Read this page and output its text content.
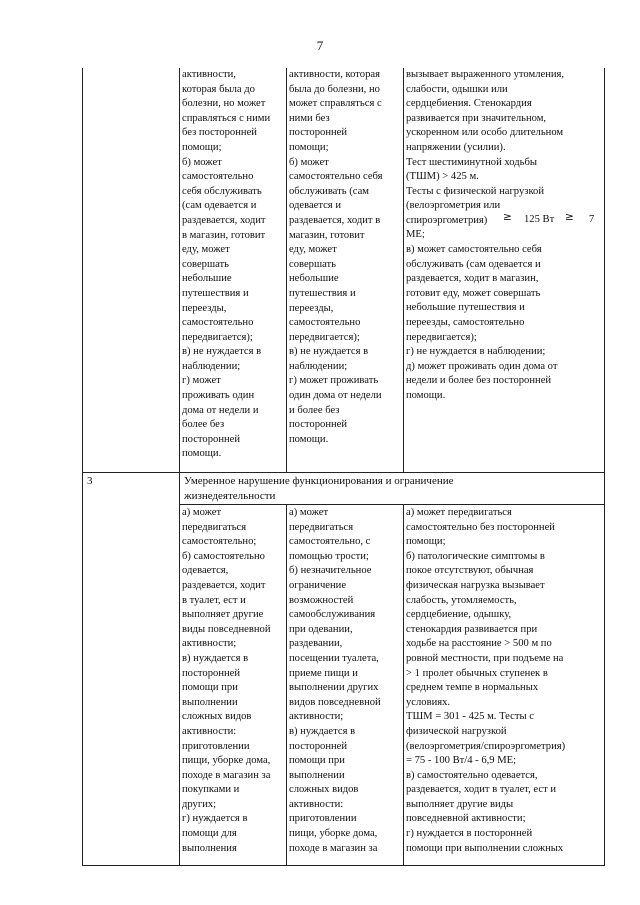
7
активности,
которая была до
болезни, но может
справляться с ними
без посторонней
помощи;
б) может
самостоятельно
себя обслуживать
(сам одевается и
раздевается, ходит
в магазин, готовит
еду, может
совершать
небольшие
путешествия и
переезды,
самостоятельно
передвигается);
в) не нуждается в
наблюдении;
г) может
проживать один
дома от недели и
более без
посторонней
помощи.
активности, которая
была до болезни, но
может справляться с
ними без
посторонней
помощи;
б) может
самостоятельно себя
обслуживать (сам
одевается и
раздевается, ходит в
магазин, готовит
еду, может
совершать
небольшие
путешествия и
переезды,
самостоятельно
передвигается);
в) не нуждается в
наблюдении;
г) может проживать
один дома от недели
и более без
посторонней
помощи.
вызывает выраженного утомления,
слабости, одышки или
сердцебиения. Стенокардия
развивается при значительном,
ускоренном или особо длительном
напряжении (усилии).
Тест шестиминутной ходьбы
(ТШМ) > 425 м.
Тесты с физической нагрузкой
(велоэргометрия или
спироэргометрия)	≥ 125 Вт ≥ 7
МЕ;
в) может самостоятельно себя
обслуживать (сам одевается и
раздевается, ходит в магазин,
готовит еду, может совершать
небольшие путешествия и
переезды, самостоятельно
передвигается);
г) не нуждается в наблюдении;
д) может проживать один дома от
недели и более без посторонней
помощи.
3	Умеренное нарушение функционирования и ограничение
жизнедеятельности
а) может
передвигаться
самостоятельно;
б) самостоятельно
одевается,
раздевается, ходит
в туалет, ест и
выполняет другие
виды повседневной
активности;
в) нуждается в
посторонней
помощи при
выполнении
сложных видов
активности:
приготовлении
пищи, уборке дома,
походе в магазин за
покупками и
других;
г) нуждается в
помощи для
выполнения
а) может
передвигаться
самостоятельно, с
помощью трости;
б) незначительное
ограничение
возможностей
самообслуживания
при одевании,
раздевании,
посещении туалета,
приеме пищи и
выполнении других
видов повседневной
активности;
в) нуждается в
посторонней
помощи при
выполнении
сложных видов
активности:
приготовлении
пищи, уборке дома,
походе в магазин за
а) может передвигаться
самостоятельно без посторонней
помощи;
б) патологические симптомы в
покое отсутствуют, обычная
физическая нагрузка вызывает
слабость, утомляемость,
сердцебиение, одышку,
стенокардия развивается при
ходьбе на расстояние > 500 м по
ровной местности, при подъеме на
> 1 пролет обычных ступенек в
среднем темпе в нормальных
условиях.
ТШМ = 301 - 425 м. Тесты с
физической нагрузкой
(велоэргометрия/спироэргометрия)
= 75 - 100 Вт/4 - 6,9 МЕ;
в) самостоятельно одевается,
раздевается, ходит в туалет, ест и
выполняет другие виды
повседневной активности;
г) нуждается в посторонней
помощи при выполнении сложных
